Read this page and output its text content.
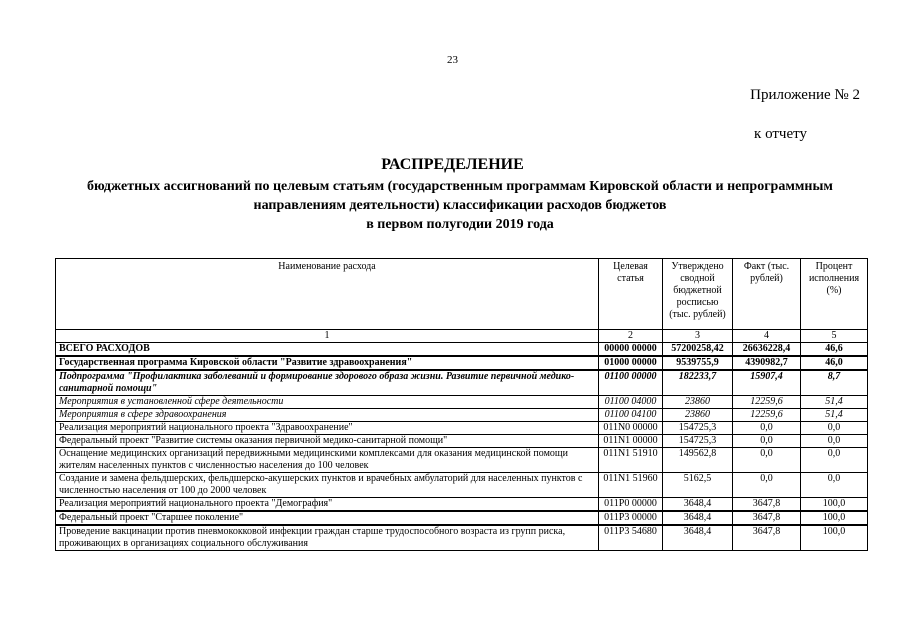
23
Приложение № 2
к отчету
РАСПРЕДЕЛЕНИЕ
бюджетных ассигнований по целевым статьям (государственным программам Кировской области и непрограммным
направлениям деятельности) классификации расходов бюджетов
в первом полугодии 2019 года
Наименование расхода	Целевая статья	Утверждено сводной бюджетной росписью (тыс. рублей)	Факт (тыс. рублей)	Процент исполнения (%)
1	2	3	4	5
ВСЕГО РАСХОДОВ	00000 00000	57200258,42	26636228,4	46,6
Государственная программа Кировской области "Развитие здравоохранения"	01000 00000	9539755,9	4390982,7	46,0
Подпрограмма "Профилактика заболеваний и формирование здорового образа жизни. Развитие первичной медико-санитарной помощи"	01100 00000	182233,7	15907,4	8,7
Мероприятия в установленной сфере деятельности	01100 04000	23860	12259,6	51,4
Мероприятия в сфере здравоохранения	01100 04100	23860	12259,6	51,4
Реализация мероприятий национального проекта "Здравоохранение"	011N0 00000	154725,3	0,0	0,0
Федеральный проект "Развитие системы оказания первичной медико-санитарной помощи"	011N1 00000	154725,3	0,0	0,0
Оснащение медицинских организаций передвижными медицинскими комплексами для оказания медицинской помощи жителям населенных пунктов с численностью населения до 100 человек	011N1 51910	149562,8	0,0	0,0
Создание и замена фельдшерских, фельдшерско-акушерских пунктов и врачебных амбулаторий для населенных пунктов с численностью населения от 100 до 2000 человек	011N1 51960	5162,5	0,0	0,0
Реализация мероприятий национального проекта "Демография"	011P0 00000	3648,4	3647,8	100,0
Федеральный проект "Старшее поколение"	011P3 00000	3648,4	3647,8	100,0
Проведение вакцинации против пневмококковой инфекции граждан старше трудоспособного возраста из групп риска, проживающих в организациях социального обслуживания	011P3 54680	3648,4	3647,8	100,0
